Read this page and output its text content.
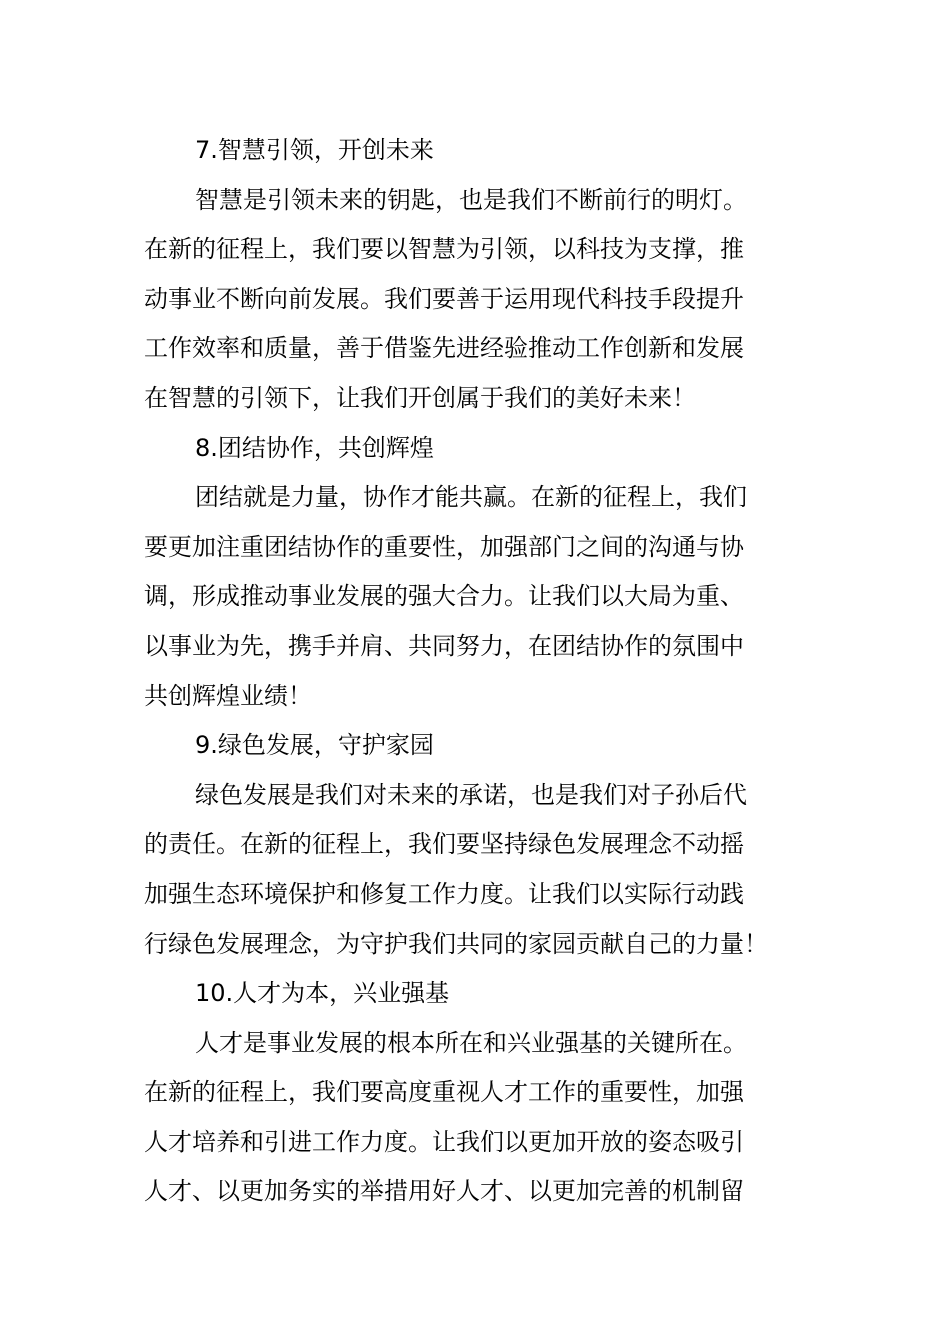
7.智慧引领，开创未来
智慧是引领未来的钥匙，也是我们不断前行的明灯。
在新的征程上，我们要以智慧为引领，以科技为支撑，推
动事业不断向前发展。我们要善于运用现代科技手段提升
工作效率和质量，善于借鉴先进经验推动工作创新和发展
在智慧的引领下，让我们开创属于我们的美好未来！
8.团结协作，共创辉煌
团结就是力量，协作才能共赢。在新的征程上，我们
要更加注重团结协作的重要性，加强部门之间的沟通与协
调，形成推动事业发展的强大合力。让我们以大局为重、
以事业为先，携手并肩、共同努力，在团结协作的氛围中
共创辉煌业绩！
9.绿色发展，守护家园
绿色发展是我们对未来的承诺，也是我们对子孙后代
的责任。在新的征程上，我们要坚持绿色发展理念不动摇
加强生态环境保护和修复工作力度。让我们以实际行动践
行绿色发展理念，为守护我们共同的家园贡献自己的力量！
10.人才为本，兴业强基
人才是事业发展的根本所在和兴业强基的关键所在。
在新的征程上，我们要高度重视人才工作的重要性，加强
人才培养和引进工作力度。让我们以更加开放的姿态吸引
人才、以更加务实的举措用好人才、以更加完善的机制留
